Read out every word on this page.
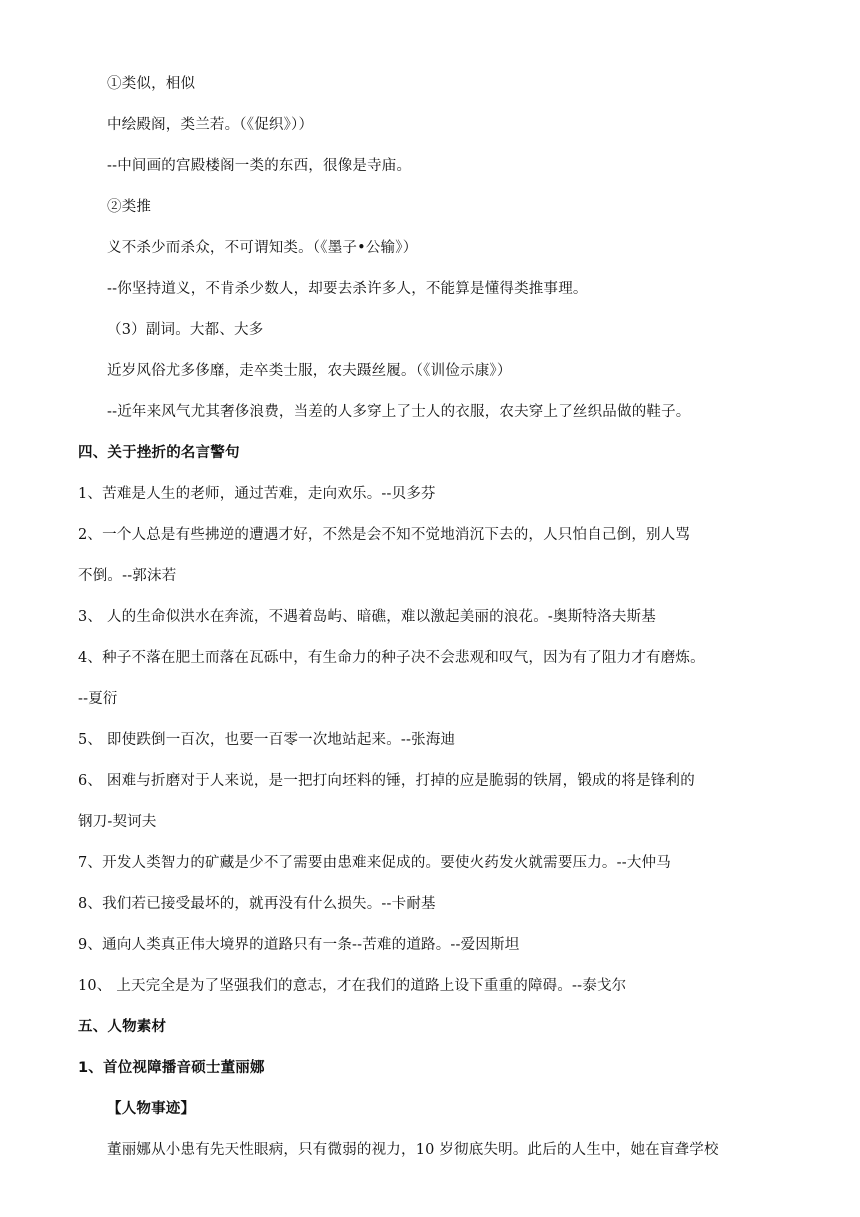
①类似，相似
中绘殿阁，类兰若。（《促织》））
--中间画的宫殿楼阁一类的东西，很像是寺庙。
②类推
义不杀少而杀众，不可谓知类。（《墨子•公输》）
--你坚持道义，不肯杀少数人，却要去杀许多人，不能算是懂得类推事理。
（3）副词。大都、大多
近岁风俗尤多侈靡，走卒类士服，农夫蹑丝履。（《训俭示康》）
--近年来风气尤其奢侈浪费，当差的人多穿上了士人的衣服，农夫穿上了丝织品做的鞋子。
四、关于挫折的名言警句
1、苦难是人生的老师，通过苦难，走向欢乐。--贝多芬
2、一个人总是有些拂逆的遭遇才好，不然是会不知不觉地消沉下去的，人只怕自己倒，别人骂
不倒。--郭沫若
3、 人的生命似洪水在奔流，不遇着岛屿、暗礁，难以激起美丽的浪花。-奥斯特洛夫斯基
4、种子不落在肥土而落在瓦砾中，有生命力的种子决不会悲观和叹气，因为有了阻力才有磨炼。
--夏衍
5、 即使跌倒一百次，也要一百零一次地站起来。--张海迪
6、 困难与折磨对于人来说，是一把打向坯料的锤，打掉的应是脆弱的铁屑，锻成的将是锋利的
钢刀-契诃夫
7、开发人类智力的矿藏是少不了需要由患难来促成的。要使火药发火就需要压力。--大仲马
8、我们若已接受最坏的，就再没有什么损失。--卡耐基
9、通向人类真正伟大境界的道路只有一条--苦难的道路。--爱因斯坦
10、 上天完全是为了坚强我们的意志，才在我们的道路上设下重重的障碍。--泰戈尔
五、人物素材
1、首位视障播音硕士董丽娜
【人物事迹】
董丽娜从小患有先天性眼病，只有微弱的视力，10 岁彻底失明。此后的人生中，她在盲聋学校
